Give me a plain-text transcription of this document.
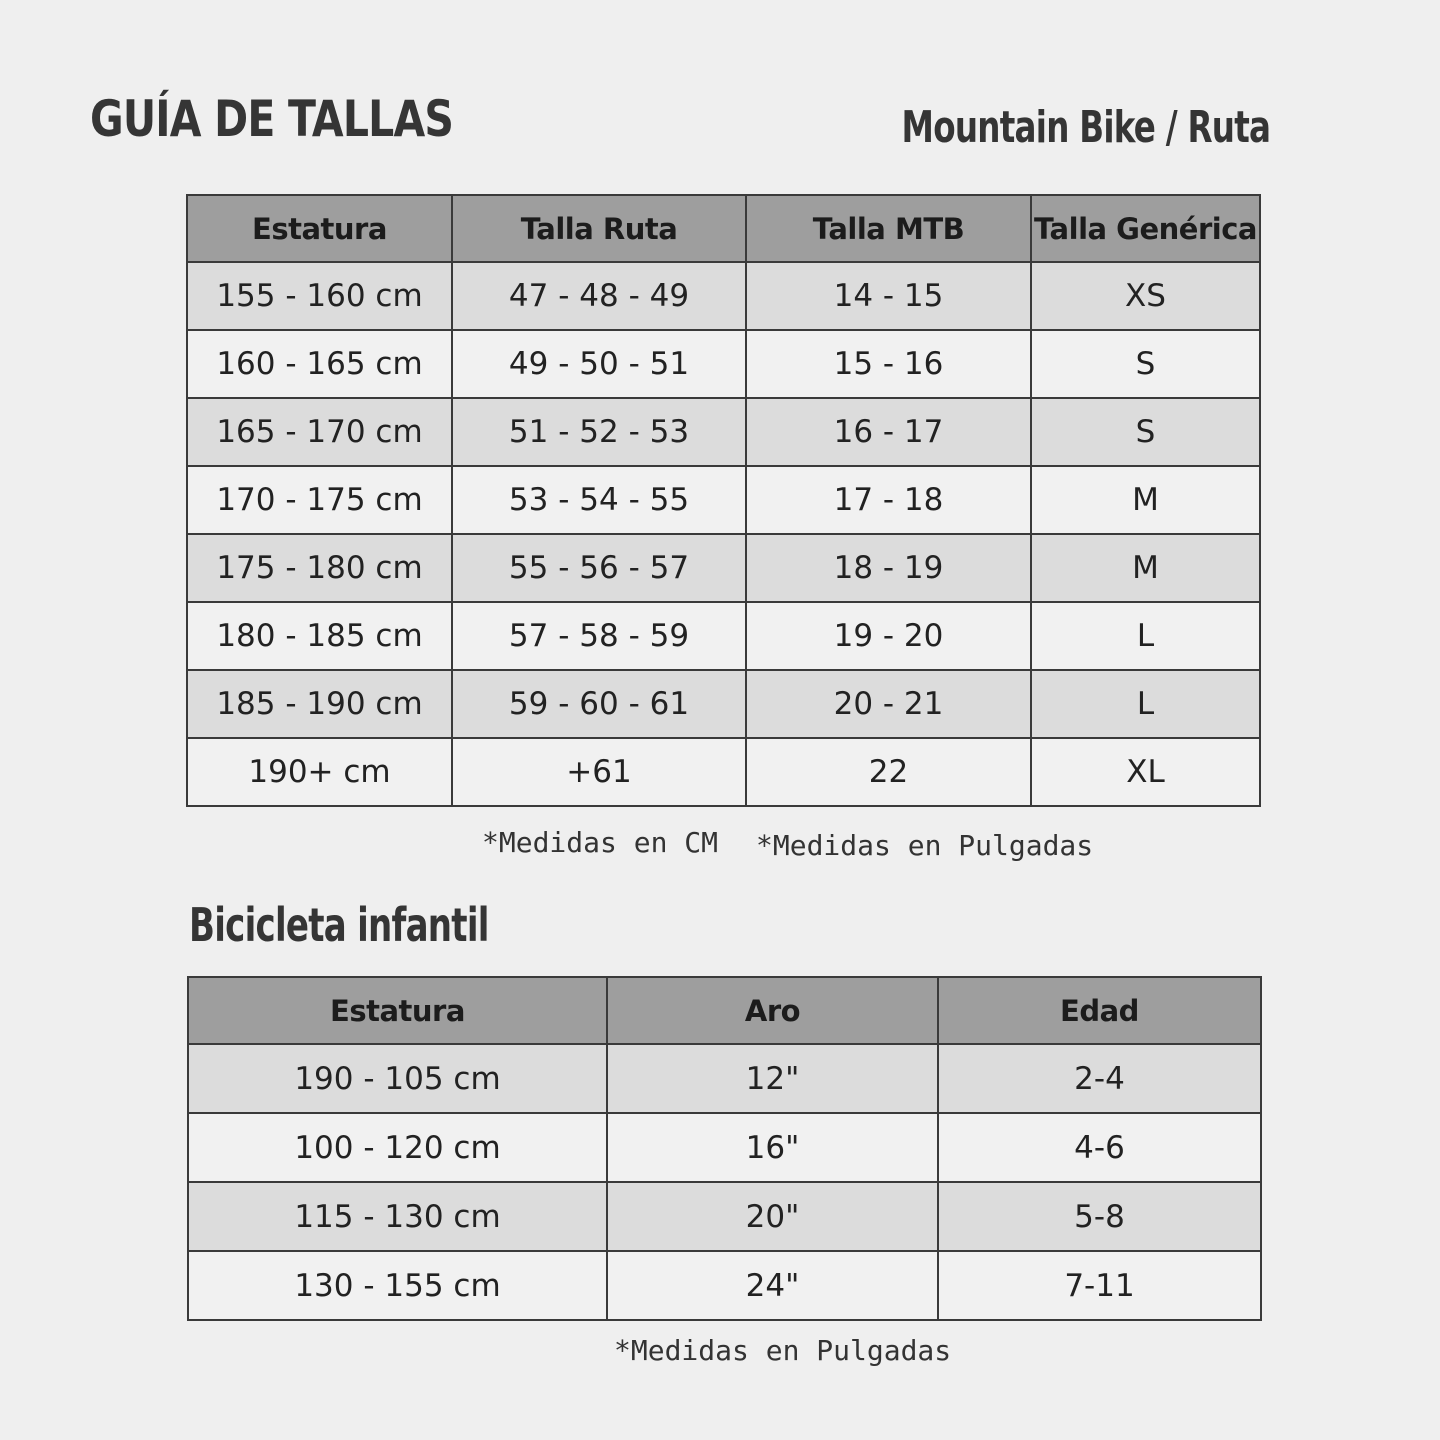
GUÍA DE TALLAS	Mountain Bike / Ruta
Estatura	Talla Ruta	Talla MTB	Talla Genérica
155 - 160 cm	47 - 48 - 49	14 - 15	XS
160 - 165 cm	49 - 50 - 51	15 - 16	S
165 - 170 cm	51 - 52 - 53	16 - 17	S
170 - 175 cm	53 - 54 - 55	17 - 18	M
175 - 180 cm	55 - 56 - 57	18 - 19	M
180 - 185 cm	57 - 58 - 59	19 - 20	L
185 - 190 cm	59 - 60 - 61	20 - 21	L
190+ cm	+61	22	XL
*Medidas en CM *Medidas en Pulgadas
Bicicleta infantil
Estatura	Aro	Edad
190 - 105 cm	12"	2-4
100 - 120 cm	16"	4-6
115 - 130 cm	20"	5-8
130 - 155 cm	24"	7-11
*Medidas en Pulgadas
